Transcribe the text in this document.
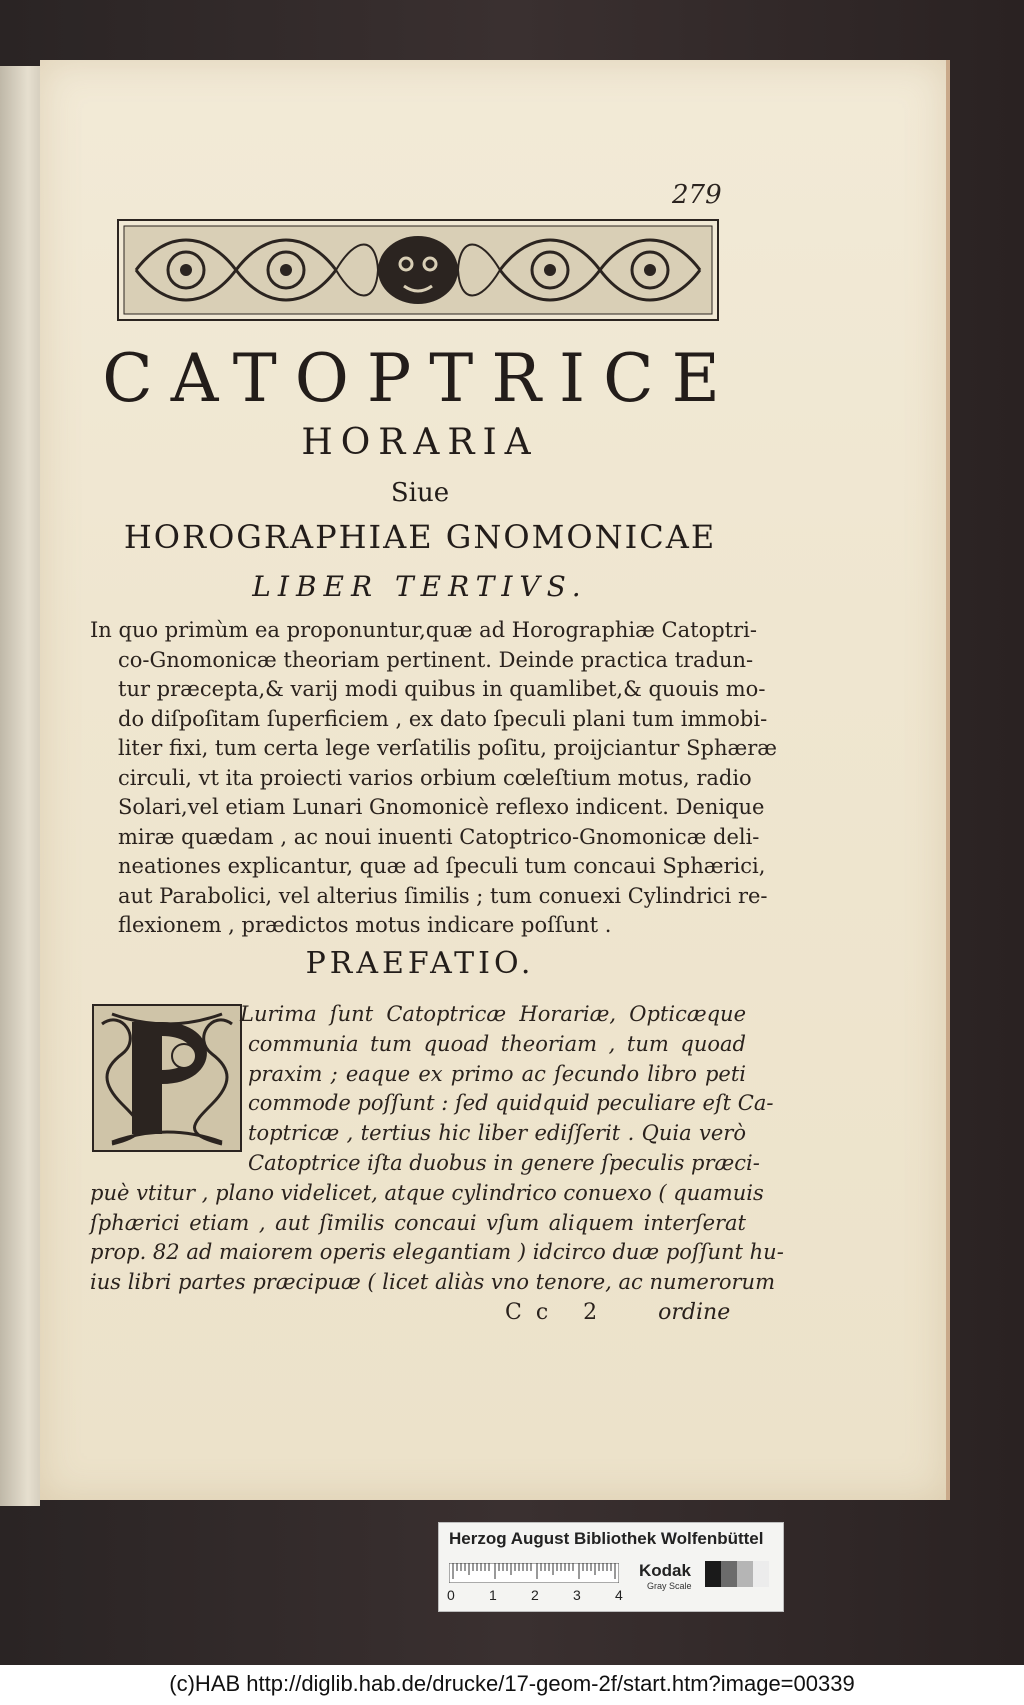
279
CATOPTRICE
HORARIA
Siue
HOROGRAPHIAE GNOMONICAE
LIBER TERTIVS.
In quo primùm ea proponuntur,quæ ad Horographiæ Catoptri-
co-Gnomonicæ theoriam pertinent. Deinde practica tradun-
tur præcepta,& varij modi quibus in quamlibet,& quouis mo-
do diſpoſitam ſuperficiem , ex dato ſpeculi plani tum immobi-
liter fixi, tum certa lege verſatilis poſitu, proijciantur Sphæræ
circuli, vt ita proiecti varios orbium cœleſtium motus, radio
Solari,vel etiam Lunari Gnomonicè reflexo indicent. Denique
miræ quædam , ac noui inuenti Catoptrico-Gnomonicæ deli-
neationes explicantur, quæ ad ſpeculi tum concaui Sphærici,
aut Parabolici, vel alterius ſimilis ; tum conuexi Cylindrici re-
flexionem , prædictos motus indicare poſſunt .
PRAEFATIO.
Lurima ſunt Catoptricæ Horariæ, Opticæque
communia tum quoad theoriam , tum quoad
praxim ; eaque ex primo ac ſecundo libro peti
commode poſſunt : ſed quidquid peculiare eſt Ca-
toptricæ , tertius hic liber ediſſerit . Quia verò
Catoptrice iſta duobus in genere ſpeculis præci-
puè vtitur , plano videlicet, atque cylindrico conuexo ( quamuis
ſphærici etiam , aut ſimilis concaui vſum aliquem interſerat
prop. 82 ad maiorem operis elegantiam ) idcirco duæ poſſunt hu-
ius libri partes præcipuæ ( licet aliàs vno tenore, ac numerorum
Cc 2 ordine
Herzog August Bibliothek Wolfenbüttel
0 1 2 3 4
Kodak
Gray Scale
(c)HAB http://diglib.hab.de/drucke/17-geom-2f/start.htm?image=00339
